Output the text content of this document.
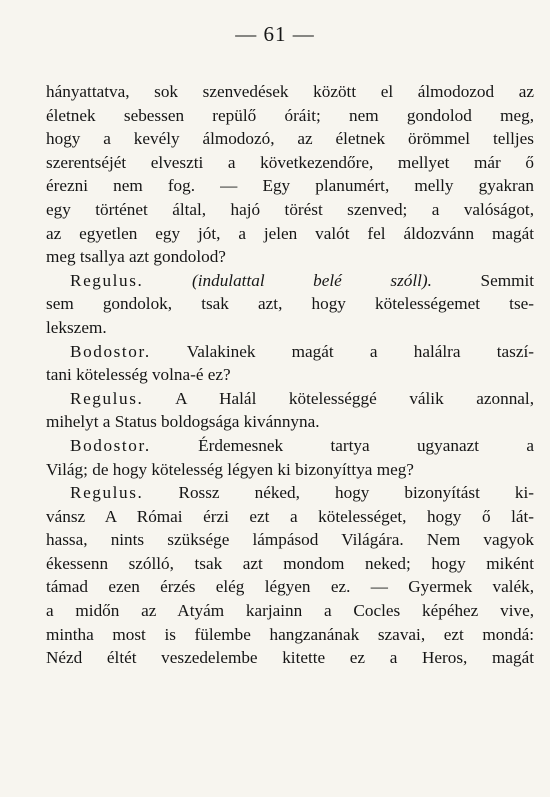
— 61 —
hányattatva, sok szenvedések között el álmodozod az
életnek sebessen repülő óráit; nem gondolod meg,
hogy a kevély álmodozó, az életnek örömmel telljes
szerentséjét elveszti a következendőre, mellyet már ő
érezni nem fog. — Egy planumért, melly gyakran
egy történet által, hajó törést szenved; a valóságot,
az egyetlen egy jót, a jelen valót fel áldozvánn magát
meg tsallya azt gondolod?
Regulus.	(indulattal belé szóll).	Semmit
sem gondolok, tsak azt, hogy kötelességemet tse-
lekszem.
Bodostor. Valakinek magát a halálra taszí-
tani kötelesség volna-é ez?
Regulus. A Halál kötelességgé válik azonnal,
mihelyt a Status boldogsága kivánnyna.
Bodostor.	Érdemesnek tartya ugyanazt a
Világ; de hogy kötelesség légyen ki bizonyíttya meg?
Regulus. Rossz néked, hogy bizonyítást ki-
vánsz A Római érzi ezt a kötelességet, hogy ő lát-
hassa, nints szüksége lámpásod Világára. Nem vagyok
ékessenn szólló, tsak azt mondom neked; hogy miként
támad ezen érzés elég légyen ez. — Gyermek valék,
a midőn az Atyám karjainn a Cocles képéhez vive,
mintha most is fülembe hangzanának szavai, ezt mondá:
Nézd éltét veszedelembe kitette ez a Heros, magát
